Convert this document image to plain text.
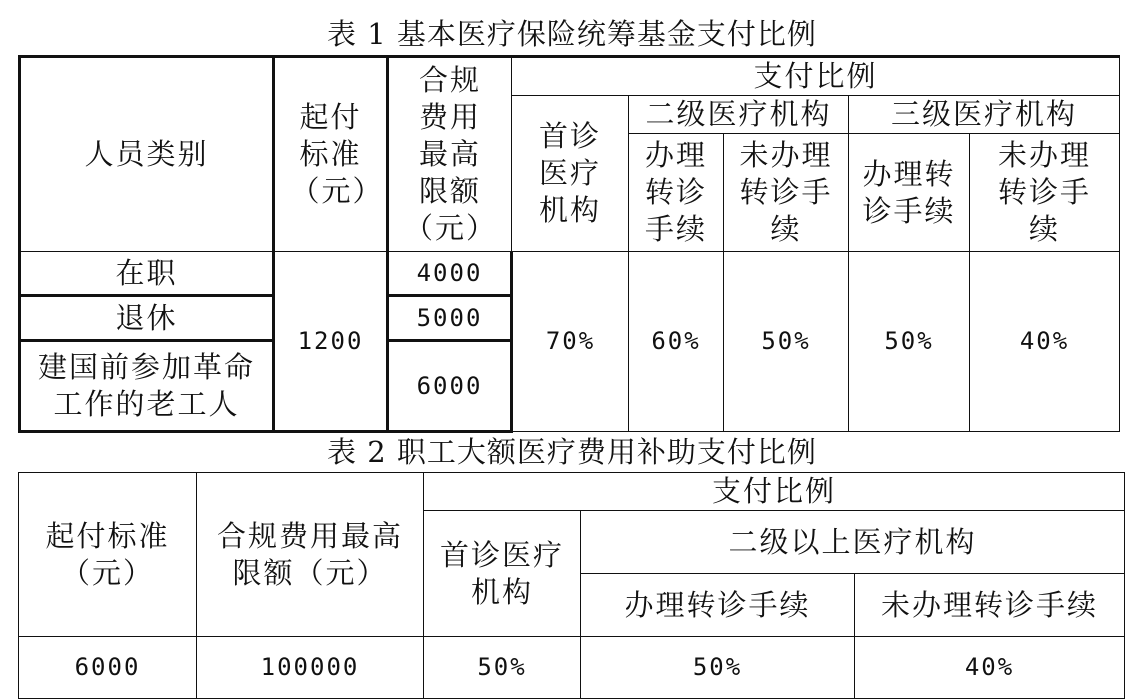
表 1 基本医疗保险统筹基金支付比例
人员类别	起付标准（元）	合规费用最高限额（元）	支付比例				
			首诊医疗机构	二级医疗机构		三级医疗机构	
				办理转诊手续	未办理转诊手续	办理转诊手续	未办理转诊手续
在职	1200	4000	70%	60%	50%	50%	40%
退休		5000					
建国前参加革命工作的老工人		6000					
表 2 职工大额医疗费用补助支付比例
起付标准（元）	合规费用最高限额（元）	支付比例		
		首诊医疗机构	二级以上医疗机构	
			办理转诊手续	未办理转诊手续
6000	100000	50%	50%	40%
